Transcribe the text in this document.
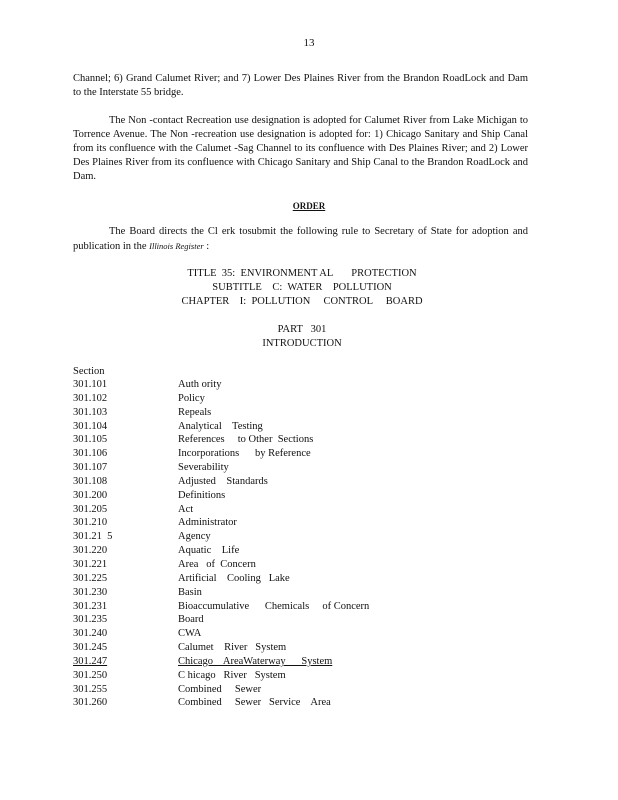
13

Channel; 6) Grand Calumet River; and 7) Lower Des Plaines River from the Brandon RoadLock and Dam to the Interstate 55 bridge.

The Non -contact Recreation use designation is adopted for Calumet River from Lake Michigan to Torrence Avenue. The Non -recreation use designation is adopted for: 1) Chicago Sanitary and Ship Canal from its confluence with the Calumet -Sag Channel to its confluence with Des Plaines River; and 2) Lower Des Plaines River from its confluence with Chicago Sanitary and Ship Canal to the Brandon RoadLock and Dam.

ORDER

The Board directs the Cl erk tosubmit the following rule to Secretary of State for adoption and publication in the Illinois Register :

TITLE  35:  ENVIRONMENT AL       PROTECTION
SUBTITLE    C:  WATER    POLLUTION
CHAPTER    I:  POLLUTION     CONTROL     BOARD
PART   301
INTRODUCTION
Section
301.101	Auth ority
301.102	Policy
301.103	Repeals
301.104	Analytical    Testing
301.105	References     to Other  Sections
301.106	Incorporations      by Reference
301.107	Severability
301.108	Adjusted    Standards
301.200	Definitions
301.205	Act
301.210	Administrator
301.21  5	Agency
301.220	Aquatic    Life
301.221	Area   of  Concern
301.225	Artificial    Cooling   Lake
301.230	Basin
301.231	Bioaccumulative      Chemicals     of Concern
301.235	Board
301.240	CWA
301.245	Calumet    River   System
301.247	Chicago    AreaWaterway      System
301.250	C hicago   River   System
301.255	Combined     Sewer
301.260	Combined     Sewer   Service    Area
